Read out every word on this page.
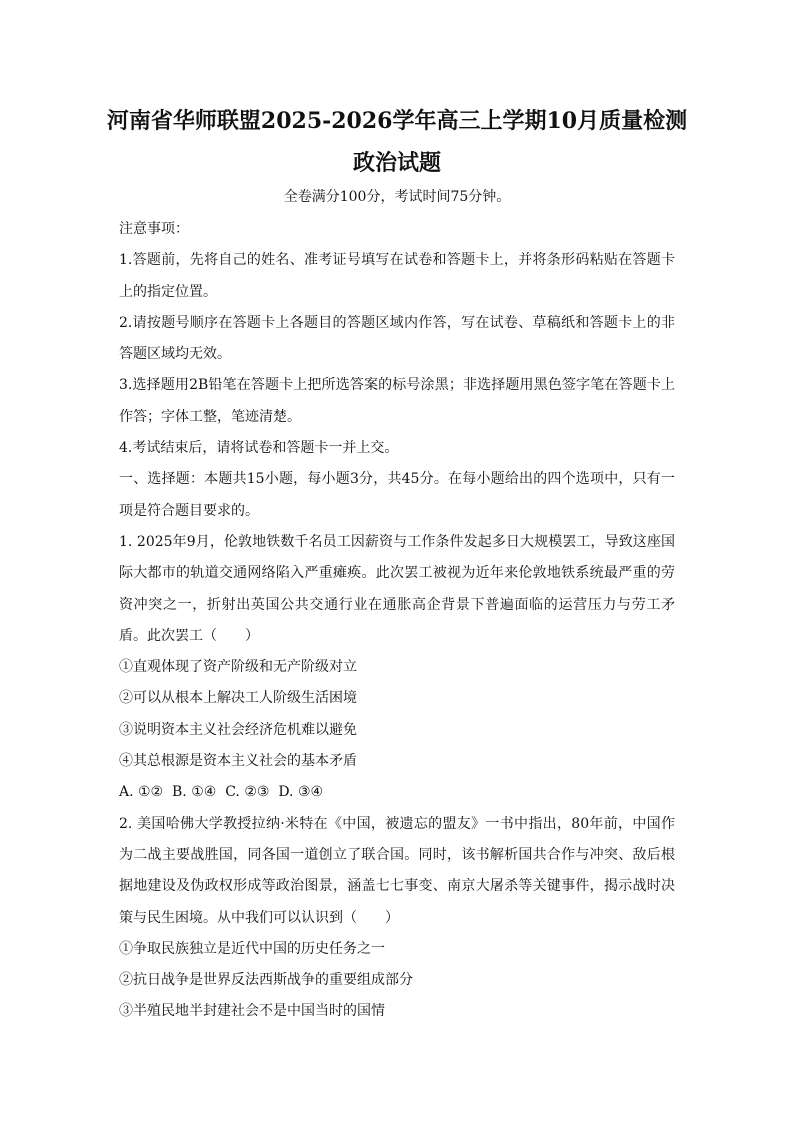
河南省华师联盟2025-2026学年高三上学期10月质量检测
政治试题
全卷满分100分，考试时间75分钟。

注意事项：

1.答题前，先将自己的姓名、准考证号填写在试卷和答题卡上，并将条形码粘贴在答题卡上的指定位置。

2.请按题号顺序在答题卡上各题目的答题区域内作答，写在试卷、草稿纸和答题卡上的非答题区域均无效。

3.选择题用2B铅笔在答题卡上把所选答案的标号涂黑；非选择题用黑色签字笔在答题卡上作答；字体工整，笔迹清楚。

4.考试结束后，请将试卷和答题卡一并上交。

一、选择题：本题共15小题，每小题3分，共45分。在每小题给出的四个选项中，只有一项是符合题目要求的。

1. 2025年9月，伦敦地铁数千名员工因薪资与工作条件发起多日大规模罢工，导致这座国际大都市的轨道交通网络陷入严重瘫痪。此次罢工被视为近年来伦敦地铁系统最严重的劳资冲突之一，折射出英国公共交通行业在通胀高企背景下普遍面临的运营压力与劳工矛盾。此次罢工（　　）

①直观体现了资产阶级和无产阶级对立

②可以从根本上解决工人阶级生活困境

③说明资本主义社会经济危机难以避免

④其总根源是资本主义社会的基本矛盾

A. ①②  B. ①④  C. ②③  D. ③④

2. 美国哈佛大学教授拉纳·米特在《中国，被遗忘的盟友》一书中指出，80年前，中国作为二战主要战胜国，同各国一道创立了联合国。同时，该书解析国共合作与冲突、敌后根据地建设及伪政权形成等政治图景，涵盖七七事变、南京大屠杀等关键事件，揭示战时决策与民生困境。从中我们可以认识到（　　）

①争取民族独立是近代中国的历史任务之一

②抗日战争是世界反法西斯战争的重要组成部分

③半殖民地半封建社会不是中国当时的国情
